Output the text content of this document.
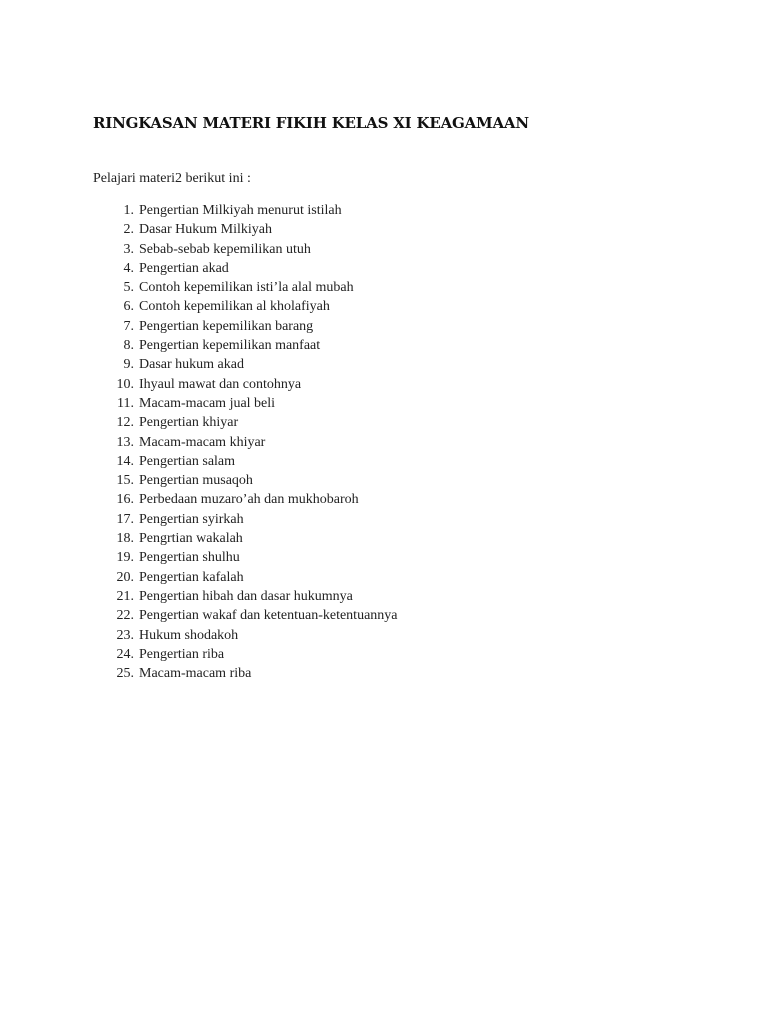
RINGKASAN MATERI FIKIH KELAS XI KEAGAMAAN

Pelajari materi2 berikut ini :

1. Pengertian Milkiyah menurut istilah
2. Dasar Hukum Milkiyah
3. Sebab-sebab kepemilikan utuh
4. Pengertian akad
5. Contoh kepemilikan isti’la alal mubah
6. Contoh kepemilikan al kholafiyah
7. Pengertian kepemilikan barang
8. Pengertian kepemilikan manfaat
9. Dasar hukum akad
10. Ihyaul mawat dan contohnya
11. Macam-macam jual beli
12. Pengertian khiyar
13. Macam-macam khiyar
14. Pengertian salam
15. Pengertian musaqoh
16. Perbedaan muzaro’ah dan mukhobaroh
17. Pengertian syirkah
18. Pengrtian wakalah
19. Pengertian shulhu
20. Pengertian kafalah
21. Pengertian hibah dan dasar hukumnya
22. Pengertian wakaf dan ketentuan-ketentuannya
23. Hukum shodakoh
24. Pengertian riba
25. Macam-macam riba
